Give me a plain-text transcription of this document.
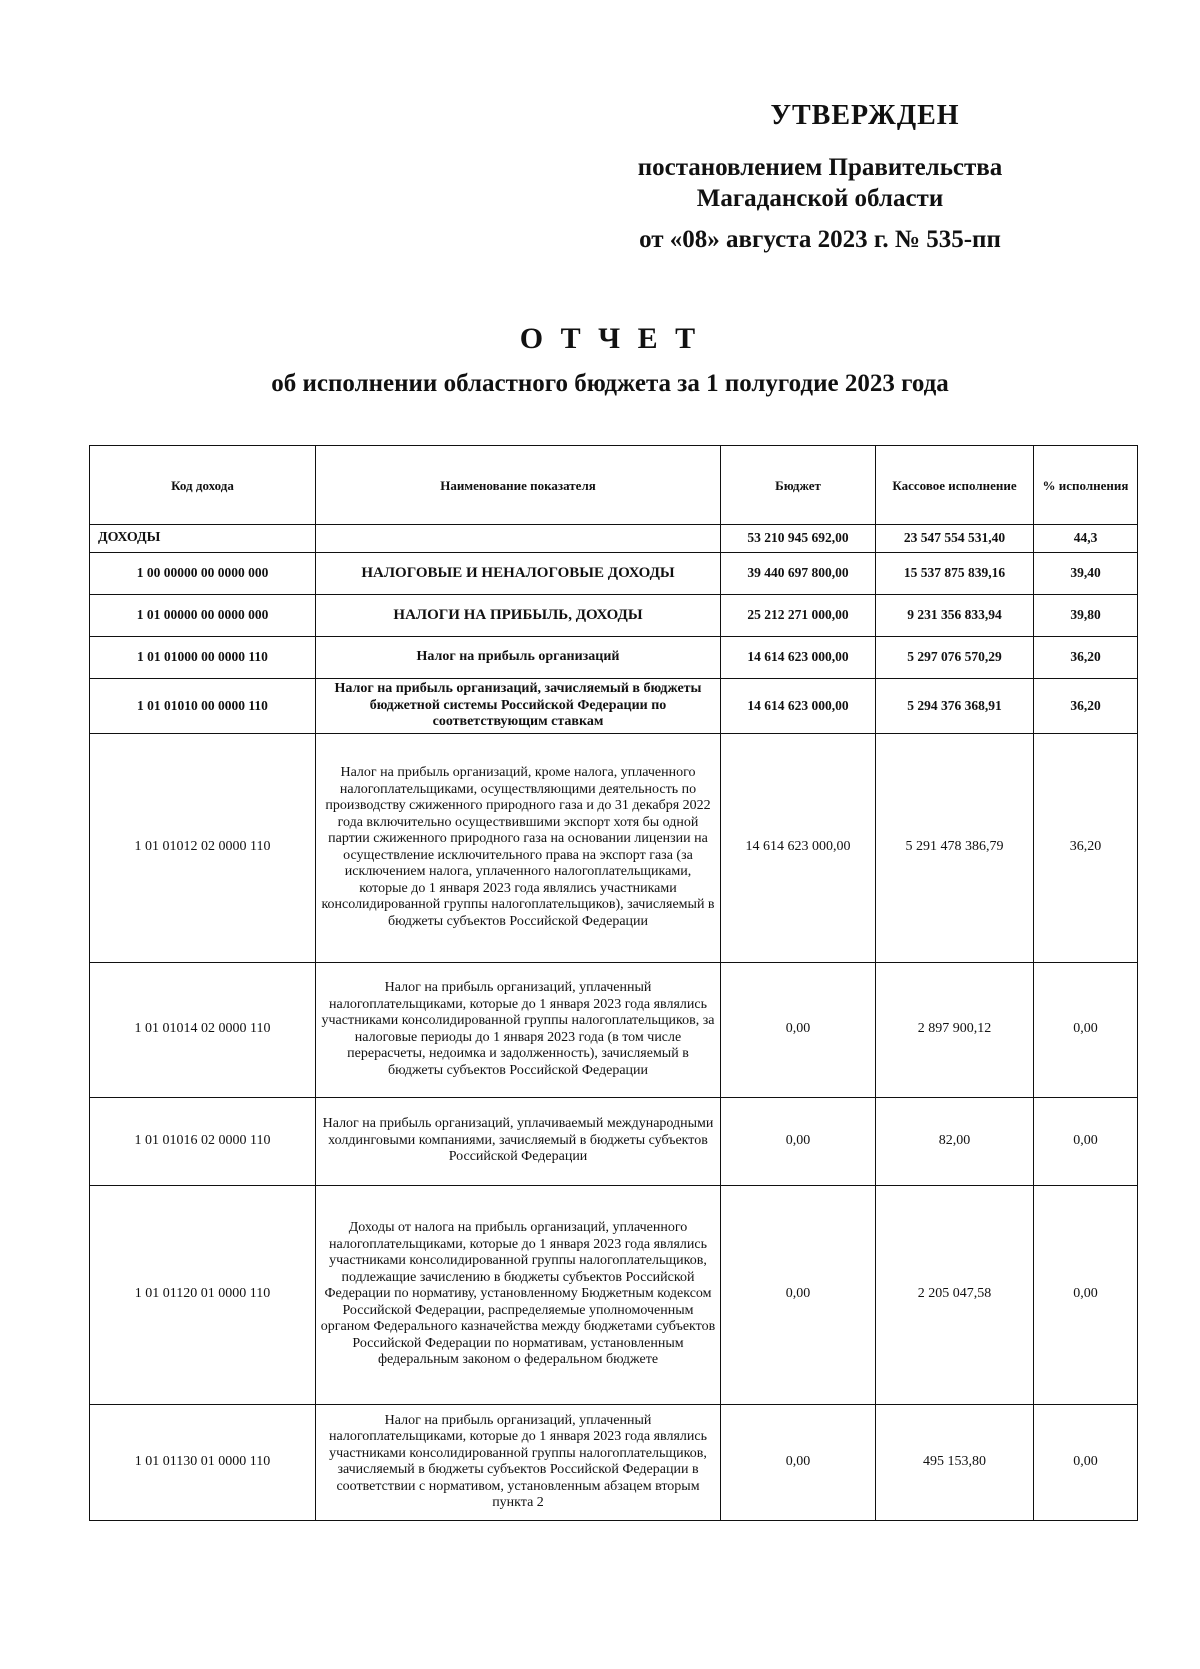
УТВЕРЖДЕН
постановлением Правительства
Магаданской области
от «08» августа 2023 г. № 535-пп
О Т Ч Е Т
об исполнении областного бюджета за 1 полугодие 2023 года
Код дохода	Наименование показателя	Бюджет	Кассовое исполнение	% исполнения
ДОХОДЫ		53 210 945 692,00	23 547 554 531,40	44,3
1 00 00000 00 0000 000	НАЛОГОВЫЕ И НЕНАЛОГОВЫЕ ДОХОДЫ	39 440 697 800,00	15 537 875 839,16	39,40
1 01 00000 00 0000 000	НАЛОГИ НА ПРИБЫЛЬ, ДОХОДЫ	25 212 271 000,00	9 231 356 833,94	39,80
1 01 01000 00 0000 110	Налог на прибыль организаций	14 614 623 000,00	5 297 076 570,29	36,20
1 01 01010 00 0000 110	Налог на прибыль организаций, зачисляемый в бюджеты бюджетной системы Российской Федерации по соответствующим ставкам	14 614 623 000,00	5 294 376 368,91	36,20
1 01 01012 02 0000 110	Налог на прибыль организаций, кроме налога, уплаченного налогоплательщиками, осуществляющими деятельность по производству сжиженного природного газа и до 31 декабря 2022 года включительно осуществившими экспорт хотя бы одной партии сжиженного природного газа на основании лицензии на осуществление исключительного права на экспорт газа (за исключением налога, уплаченного налогоплательщиками, которые до 1 января 2023 года являлись участниками консолидированной группы налогоплательщиков), зачисляемый в бюджеты субъектов Российской Федерации	14 614 623 000,00	5 291 478 386,79	36,20
1 01 01014 02 0000 110	Налог на прибыль организаций, уплаченный налогоплательщиками, которые до 1 января 2023 года являлись участниками консолидированной группы налогоплательщиков, за налоговые периоды до 1 января 2023 года (в том числе перерасчеты, недоимка и задолженность), зачисляемый в бюджеты субъектов Российской Федерации	0,00	2 897 900,12	0,00
1 01 01016 02 0000 110	Налог на прибыль организаций, уплачиваемый международными холдинговыми компаниями, зачисляемый в бюджеты субъектов Российской Федерации	0,00	82,00	0,00
1 01 01120 01 0000 110	Доходы от налога на прибыль организаций, уплаченного налогоплательщиками, которые до 1 января 2023 года являлись участниками консолидированной группы налогоплательщиков, подлежащие зачислению в бюджеты субъектов Российской Федерации по нормативу, установленному Бюджетным кодексом Российской Федерации, распределяемые уполномоченным органом Федерального казначейства между бюджетами субъектов Российской Федерации по нормативам, установленным федеральным законом о федеральном бюджете	0,00	2 205 047,58	0,00
1 01 01130 01 0000 110	Налог на прибыль организаций, уплаченный налогоплательщиками, которые до 1 января 2023 года являлись участниками консолидированной группы налогоплательщиков, зачисляемый в бюджеты субъектов Российской Федерации в соответствии с нормативом, установленным абзацем вторым пункта 2	0,00	495 153,80	0,00
